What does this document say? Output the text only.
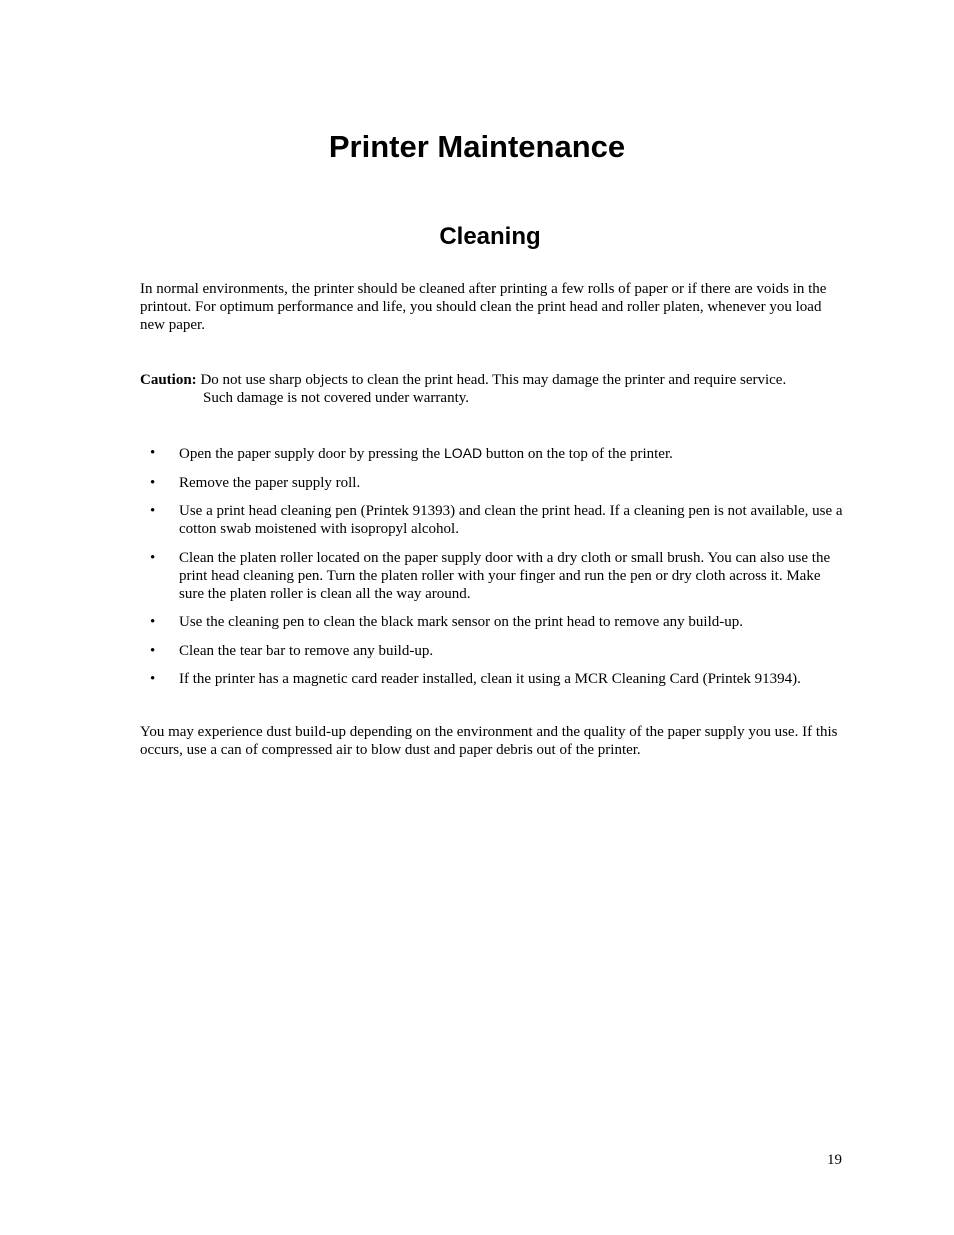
Printer Maintenance
Cleaning

In normal environments, the printer should be cleaned after printing a few rolls of paper or if there are voids in the printout. For optimum performance and life, you should clean the print head and roller platen, whenever you load new paper.

Caution: Do not use sharp objects to clean the print head. This may damage the printer and require service.
Such damage is not covered under warranty.

• Open the paper supply door by pressing the LOAD button on the top of the printer.
• Remove the paper supply roll.
• Use a print head cleaning pen (Printek 91393) and clean the print head. If a cleaning pen is not available, use a cotton swab moistened with isopropyl alcohol.
• Clean the platen roller located on the paper supply door with a dry cloth or small brush. You can also use the print head cleaning pen. Turn the platen roller with your finger and run the pen or dry cloth across it. Make sure the platen roller is clean all the way around.
• Use the cleaning pen to clean the black mark sensor on the print head to remove any build-up.
• Clean the tear bar to remove any build-up.
• If the printer has a magnetic card reader installed, clean it using a MCR Cleaning Card (Printek 91394).

You may experience dust build-up depending on the environment and the quality of the paper supply you use. If this occurs, use a can of compressed air to blow dust and paper debris out of the printer.

19
